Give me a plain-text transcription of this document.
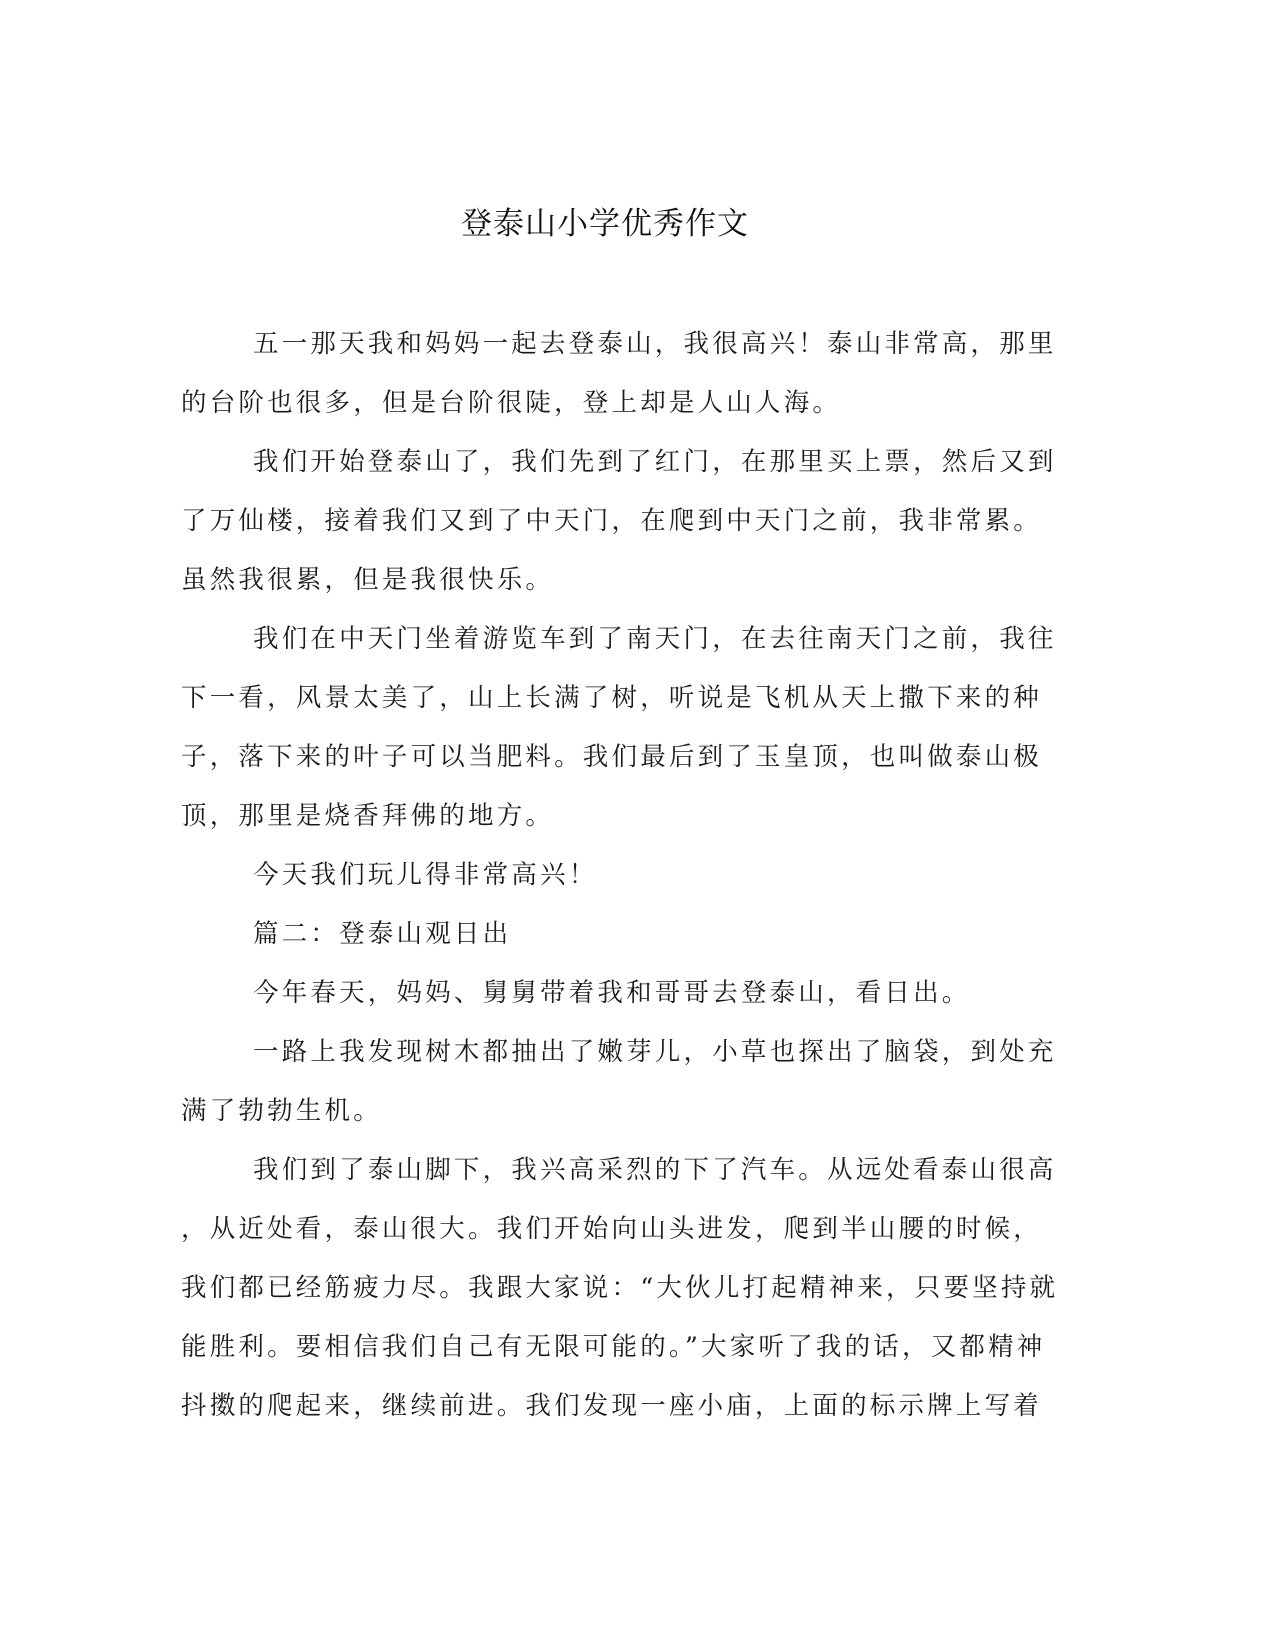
登泰山小学优秀作文
五一那天我和妈妈一起去登泰山，我很高兴！泰山非常高，那里
的台阶也很多，但是台阶很陡，登上却是人山人海。
我们开始登泰山了，我们先到了红门，在那里买上票，然后又到
了万仙楼，接着我们又到了中天门，在爬到中天门之前，我非常累。
虽然我很累，但是我很快乐。
我们在中天门坐着游览车到了南天门，在去往南天门之前，我往
下一看，风景太美了，山上长满了树，听说是飞机从天上撒下来的种
子，落下来的叶子可以当肥料。我们最后到了玉皇顶，也叫做泰山极
顶，那里是烧香拜佛的地方。
今天我们玩儿得非常高兴！
篇二：登泰山观日出
今年春天，妈妈、舅舅带着我和哥哥去登泰山，看日出。
一路上我发现树木都抽出了嫩芽儿，小草也探出了脑袋，到处充
满了勃勃生机。
我们到了泰山脚下，我兴高采烈的下了汽车。从远处看泰山很高
，从近处看，泰山很大。我们开始向山头进发，爬到半山腰的时候，
我们都已经筋疲力尽。我跟大家说：“大伙儿打起精神来，只要坚持就
能胜利。要相信我们自己有无限可能的。”大家听了我的话，又都精神
抖擞的爬起来，继续前进。我们发现一座小庙，上面的标示牌上写着
